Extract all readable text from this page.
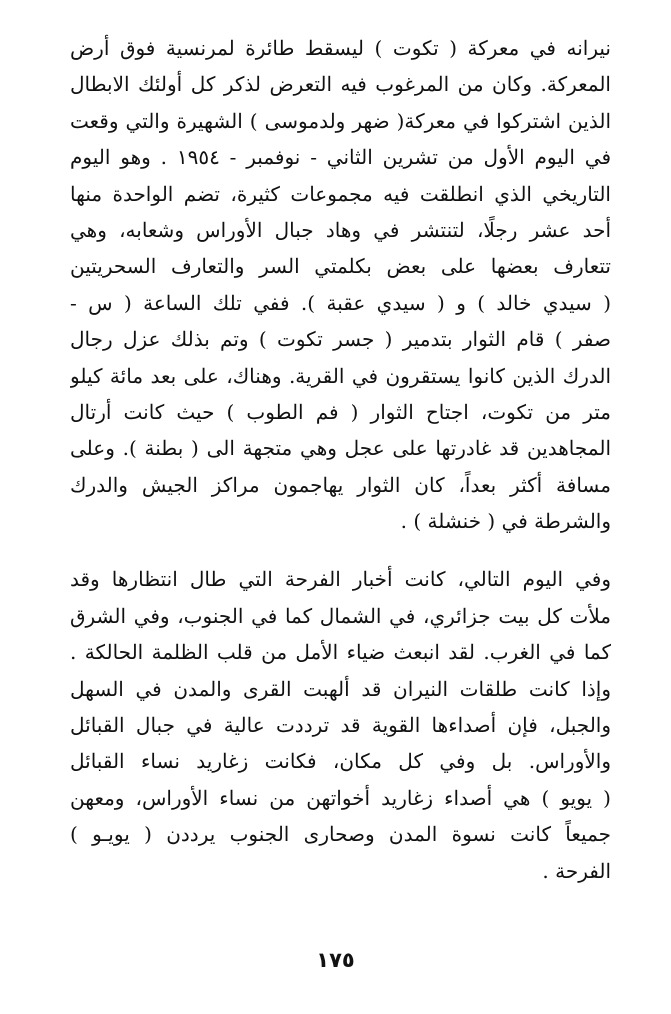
نيرانه في معركة ( تكوت ) ليسقط طائرة لمرنسية فوق أرض
المعركة. وكان من المرغوب فيه التعرض لذكر كل أولئك الابطال
الذين اشتركوا في معركة( ضهر ولدموسى ) الشهيرة والتي وقعت
في اليوم الأول من تشرين الثاني - نوفمبر - ١٩٥٤ . وهو اليوم
التاريخي الذي انطلقت فيه مجموعات كثيرة، تضم الواحدة منها
أحد عشر رجلًا، لتنتشر في وهاد جبال الأوراس وشعابه، وهي
تتعارف بعضها على بعض بكلمتي السر والتعارف السحريتين
( سيدي خالد ) و ( سيدي عقبة ). ففي تلك الساعة ( س -
صفر ) قام الثوار بتدمير ( جسر تكوت ) وتم بذلك عزل رجال
الدرك الذين كانوا يستقرون في القرية. وهناك، على بعد مائة كيلو
متر من تكوت، اجتاح الثوار ( فم الطوب ) حيث كانت أرتال
المجاهدين قد غادرتها على عجل وهي متجهة الى ( بطنة ). وعلى
مسافة أكثر بعداً، كان الثوار يهاجمون مراكز الجيش والدرك
والشرطة في ( خنشلة ) .
وفي اليوم التالي، كانت أخبار الفرحة التي طال انتظارها وقد
ملأت كل بيت جزائري، في الشمال كما في الجنوب، وفي الشرق
كما في الغرب. لقد انبعث ضياء الأمل من قلب الظلمة الحالكة .
وإذا كانت طلقات النيران قد ألهبت القرى والمدن في السهل
والجبل، فإن أصداءها القوية قد ترددت عالية في جبال القبائل
والأوراس. بل وفي كل مكان، فكانت زغاريد نساء القبائل
( يويو ) هي أصداء زغاريد أخواتهن من نساء الأوراس، ومعهن
جميعاً كانت نسوة المدن وصحارى الجنوب يرددن ( يويـو )
الفرحة .
١٧٥
